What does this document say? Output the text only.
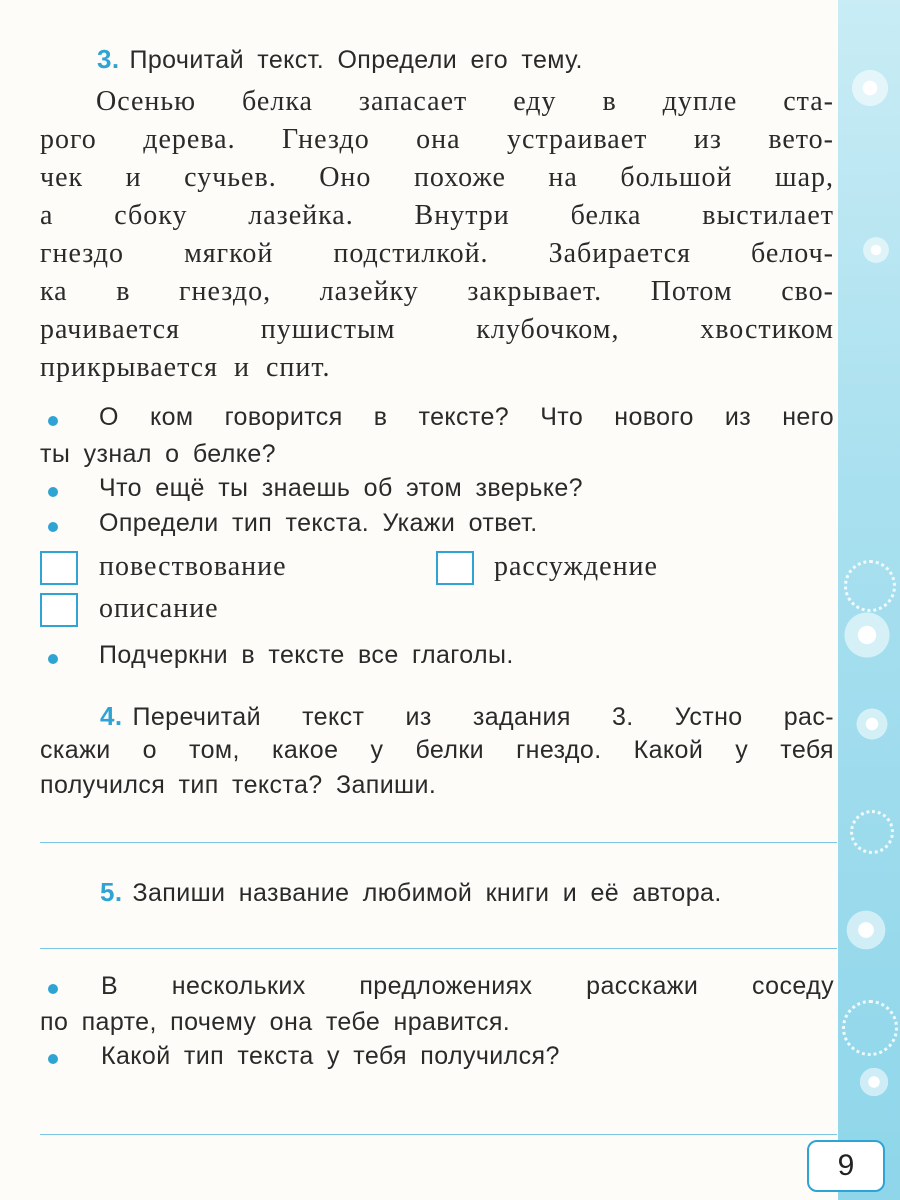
3. Прочитай текст. Определи его тему.
Осенью белка запасает еду в дупле ста-
рого дерева. Гнездо она устраивает из вето-
чек и сучьев. Оно похоже на большой шар,
а сбоку лазейка. Внутри белка выстилает
гнездо мягкой подстилкой. Забирается белоч-
ка в гнездо, лазейку закрывает. Потом сво-
рачивается пушистым клубочком, хвостиком
прикрывается и спит.
О ком говорится в тексте? Что нового из него
ты узнал о белке?
Что ещё ты знаешь об этом зверьке?
Определи тип текста. Укажи ответ.
повествование	рассуждение
описание
Подчеркни в тексте все глаголы.
4. Перечитай текст из задания 3. Устно рас-
скажи о том, какое у белки гнездо. Какой у тебя
получился тип текста? Запиши.
5. Запиши название любимой книги и её автора.
В нескольких предложениях расскажи соседу
по парте, почему она тебе нравится.
Какой тип текста у тебя получился?
9
